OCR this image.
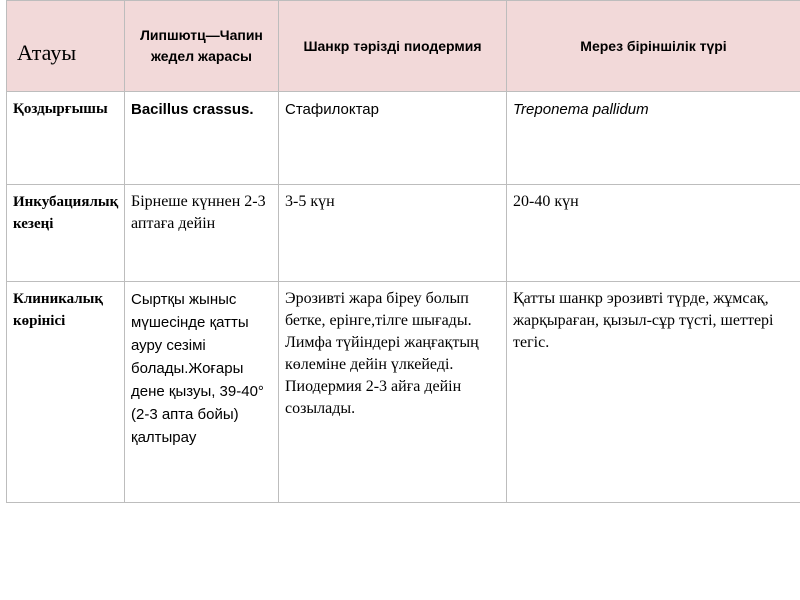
Атауы	Липшютц—Чапин жедел жарасы	Шанкр тәрізді пиодермия	Мерез біріншілік түрі
Қоздырғышы	Bacillus crassus.	Стафилоктар	Treponema pallidum
Инкубациялық кезеңі	Бірнеше күннен 2-3 аптаға дейін	3-5 күн	20-40 күн
Клиникалық көрінісі	Сыртқы жыныс мүшесінде қатты ауру сезімі болады.Жоғары дене қызуы, 39-40°(2-3 апта бойы) қалтырау	Эрозивті жара біреу болып бетке, ерінге,тілге шығады. Лимфа түйіндері жаңғақтың көлеміне дейін үлкейеді. Пиодермия 2-3 айға дейін созылады.	Қатты шанкр эрозивті түрде, жұмсақ, жарқыраған, қызыл-сұр түсті, шеттері тегіс.
